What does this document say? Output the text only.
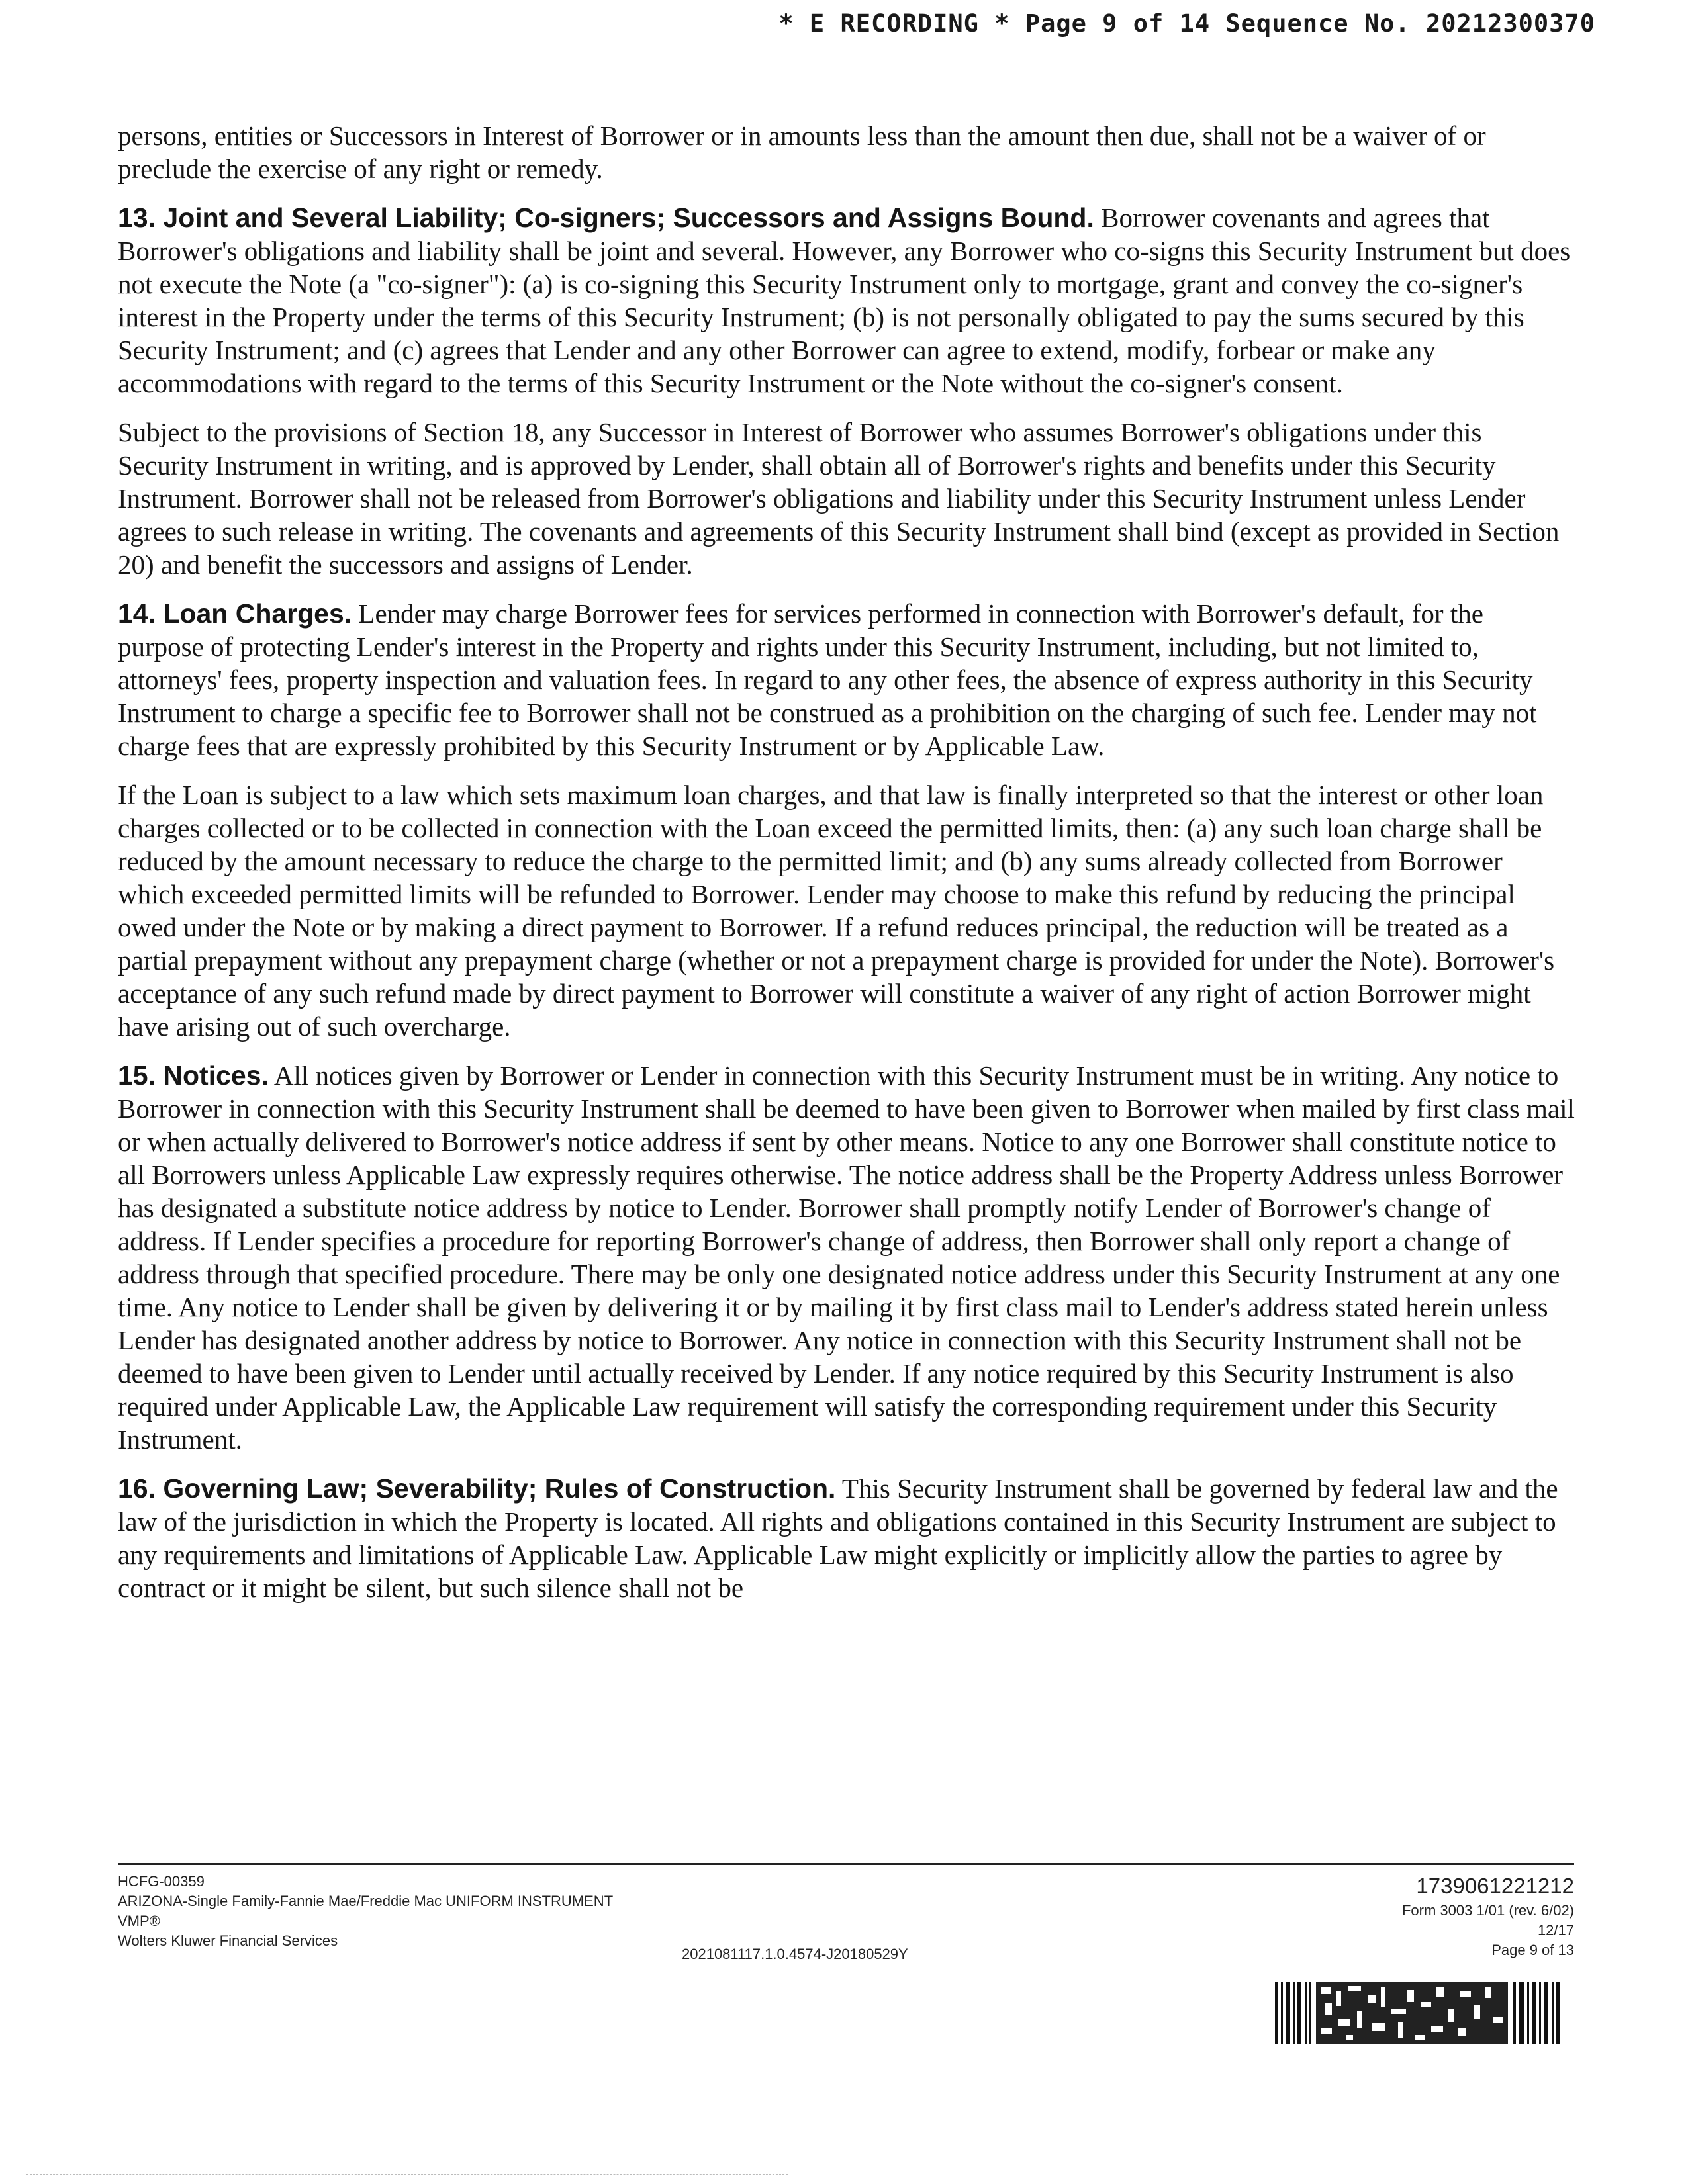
* E RECORDING * Page 9 of 14 Sequence No. 20212300370

persons, entities or Successors in Interest of Borrower or in amounts less than the amount then due, shall not be a waiver of or preclude the exercise of any right or remedy.

13. Joint and Several Liability; Co-signers; Successors and Assigns Bound. Borrower covenants and agrees that Borrower's obligations and liability shall be joint and several. However, any Borrower who co-signs this Security Instrument but does not execute the Note (a "co-signer"): (a) is co-signing this Security Instrument only to mortgage, grant and convey the co-signer's interest in the Property under the terms of this Security Instrument; (b) is not personally obligated to pay the sums secured by this Security Instrument; and (c) agrees that Lender and any other Borrower can agree to extend, modify, forbear or make any accommodations with regard to the terms of this Security Instrument or the Note without the co-signer's consent.

Subject to the provisions of Section 18, any Successor in Interest of Borrower who assumes Borrower's obligations under this Security Instrument in writing, and is approved by Lender, shall obtain all of Borrower's rights and benefits under this Security Instrument. Borrower shall not be released from Borrower's obligations and liability under this Security Instrument unless Lender agrees to such release in writing. The covenants and agreements of this Security Instrument shall bind (except as provided in Section 20) and benefit the successors and assigns of Lender.

14. Loan Charges. Lender may charge Borrower fees for services performed in connection with Borrower's default, for the purpose of protecting Lender's interest in the Property and rights under this Security Instrument, including, but not limited to, attorneys' fees, property inspection and valuation fees. In regard to any other fees, the absence of express authority in this Security Instrument to charge a specific fee to Borrower shall not be construed as a prohibition on the charging of such fee. Lender may not charge fees that are expressly prohibited by this Security Instrument or by Applicable Law.

If the Loan is subject to a law which sets maximum loan charges, and that law is finally interpreted so that the interest or other loan charges collected or to be collected in connection with the Loan exceed the permitted limits, then: (a) any such loan charge shall be reduced by the amount necessary to reduce the charge to the permitted limit; and (b) any sums already collected from Borrower which exceeded permitted limits will be refunded to Borrower. Lender may choose to make this refund by reducing the principal owed under the Note or by making a direct payment to Borrower. If a refund reduces principal, the reduction will be treated as a partial prepayment without any prepayment charge (whether or not a prepayment charge is provided for under the Note). Borrower's acceptance of any such refund made by direct payment to Borrower will constitute a waiver of any right of action Borrower might have arising out of such overcharge.

15. Notices. All notices given by Borrower or Lender in connection with this Security Instrument must be in writing. Any notice to Borrower in connection with this Security Instrument shall be deemed to have been given to Borrower when mailed by first class mail or when actually delivered to Borrower's notice address if sent by other means. Notice to any one Borrower shall constitute notice to all Borrowers unless Applicable Law expressly requires otherwise. The notice address shall be the Property Address unless Borrower has designated a substitute notice address by notice to Lender. Borrower shall promptly notify Lender of Borrower's change of address. If Lender specifies a procedure for reporting Borrower's change of address, then Borrower shall only report a change of address through that specified procedure. There may be only one designated notice address under this Security Instrument at any one time. Any notice to Lender shall be given by delivering it or by mailing it by first class mail to Lender's address stated herein unless Lender has designated another address by notice to Borrower. Any notice in connection with this Security Instrument shall not be deemed to have been given to Lender until actually received by Lender. If any notice required by this Security Instrument is also required under Applicable Law, the Applicable Law requirement will satisfy the corresponding requirement under this Security Instrument.

16. Governing Law; Severability; Rules of Construction. This Security Instrument shall be governed by federal law and the law of the jurisdiction in which the Property is located. All rights and obligations contained in this Security Instrument are subject to any requirements and limitations of Applicable Law. Applicable Law might explicitly or implicitly allow the parties to agree by contract or it might be silent, but such silence shall not be

HCFG-00359
ARIZONA-Single Family-Fannie Mae/Freddie Mac UNIFORM INSTRUMENT
VMP®
Wolters Kluwer Financial Services
2021081117.1.0.4574-J20180529Y
1739061221212
Form 3003 1/01 (rev. 6/02)
12/17
Page 9 of 13
